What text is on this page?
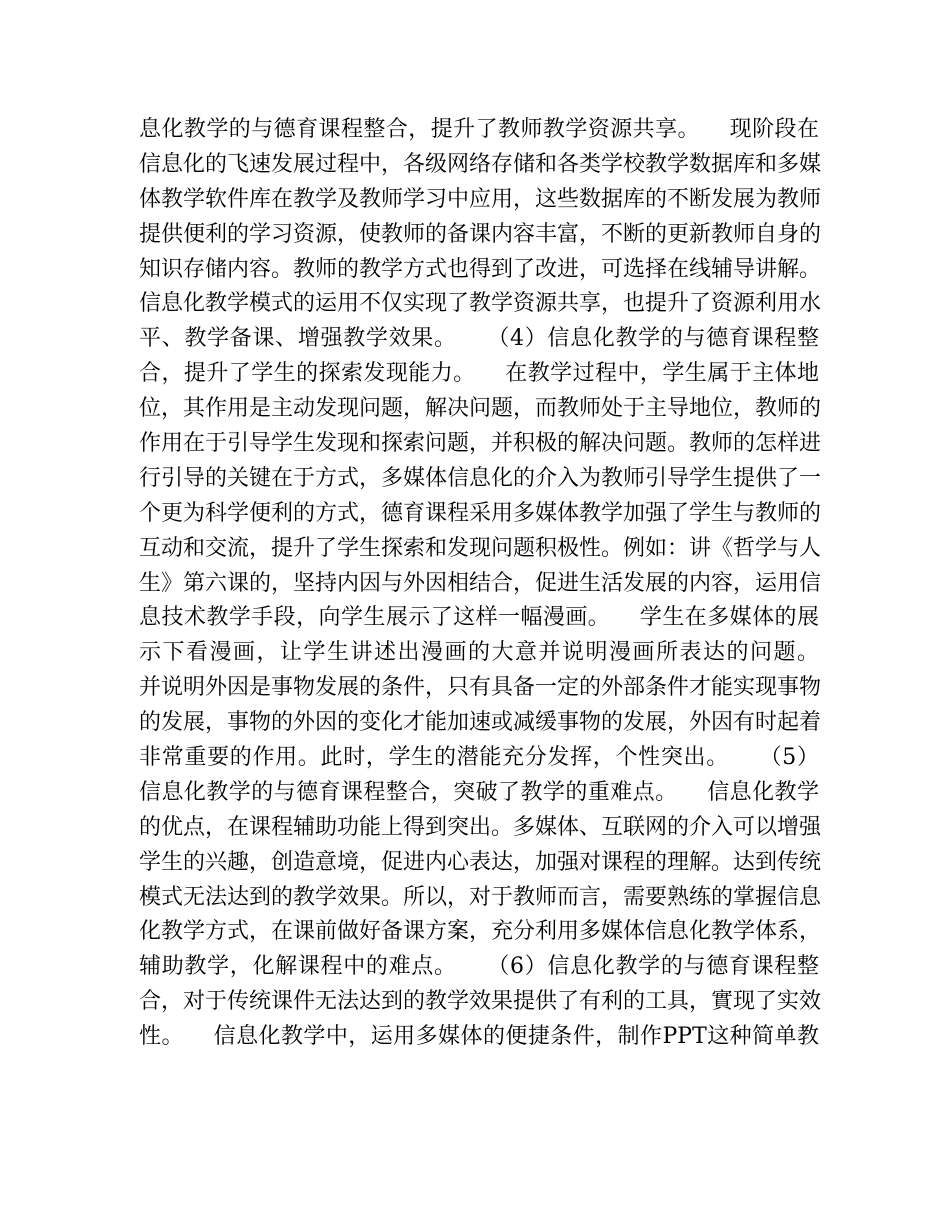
息化教学的与德育课程整合，提升了教师教学资源共享。    现阶段在
信息化的飞速发展过程中，各级网络存储和各类学校教学数据库和多媒
体教学软件库在教学及教师学习中应用，这些数据库的不断发展为教师
提供便利的学习资源，使教师的备课内容丰富，不断的更新教师自身的
知识存储内容。教师的教学方式也得到了改进，可选择在线辅导讲解。
信息化教学模式的运用不仅实现了教学资源共享，也提升了资源利用水
平、教学备课、增强教学效果。    （4）信息化教学的与德育课程整
合，提升了学生的探索发现能力。    在教学过程中，学生属于主体地
位，其作用是主动发现问题，解决问题，而教师处于主导地位，教师的
作用在于引导学生发现和探索问题，并积极的解决问题。教师的怎样进
行引导的关键在于方式，多媒体信息化的介入为教师引导学生提供了一
个更为科学便利的方式，德育课程采用多媒体教学加强了学生与教师的
互动和交流，提升了学生探索和发现问题积极性。例如：讲《哲学与人
生》第六课的，坚持内因与外因相结合，促进生活发展的内容，运用信
息技术教学手段，向学生展示了这样一幅漫画。    学生在多媒体的展
示下看漫画，让学生讲述出漫画的大意并说明漫画所表达的问题。
并说明外因是事物发展的条件，只有具备一定的外部条件才能实现事物
的发展，事物的外因的变化才能加速或减缓事物的发展，外因有时起着
非常重要的作用。此时，学生的潜能充分发挥，个性突出。    （5）
信息化教学的与德育课程整合，突破了教学的重难点。    信息化教学
的优点，在课程辅助功能上得到突出。多媒体、互联网的介入可以增强
学生的兴趣，创造意境，促进内心表达，加强对课程的理解。达到传统
模式无法达到的教学效果。所以，对于教师而言，需要熟练的掌握信息
化教学方式，在课前做好备课方案，充分利用多媒体信息化教学体系，
辅助教学，化解课程中的难点。    （6）信息化教学的与德育课程整
合，对于传统课件无法达到的教学效果提供了有利的工具，實现了实效
性。    信息化教学中，运用多媒体的便捷条件，制作PPT这种简单教
